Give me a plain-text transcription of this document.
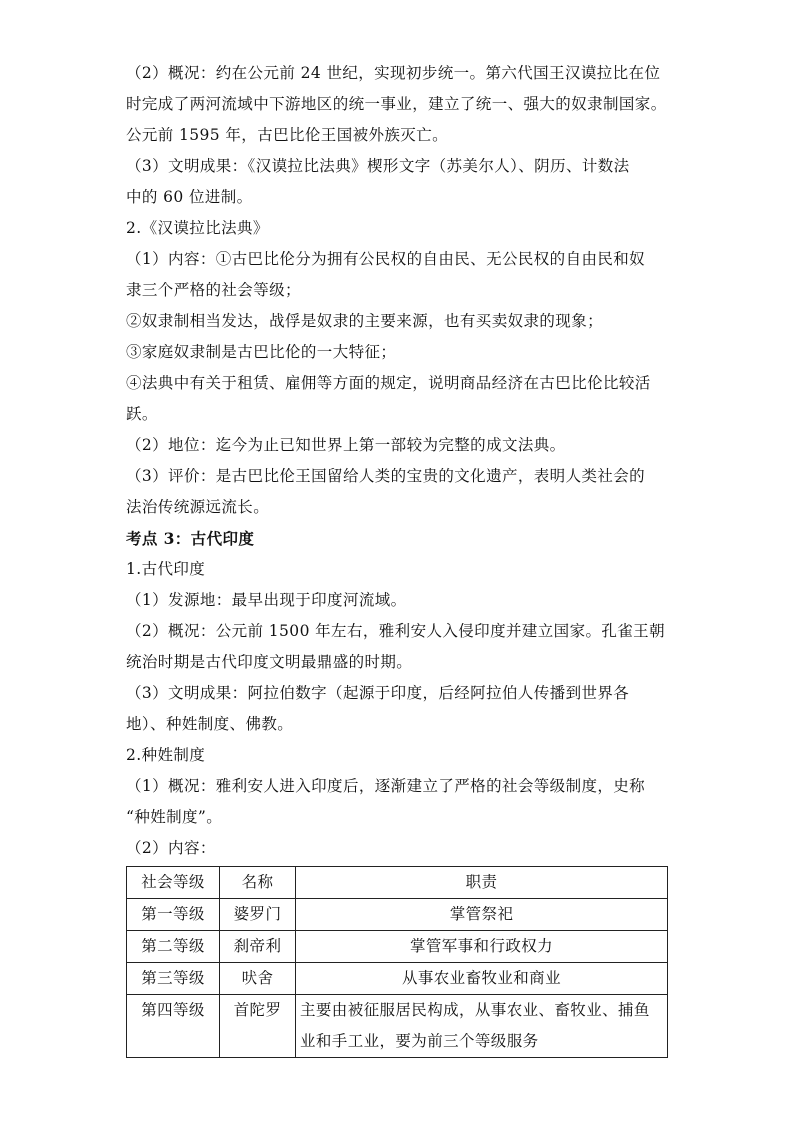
（2）概况：约在公元前 24 世纪，实现初步统一。第六代国王汉谟拉比在位
时完成了两河流域中下游地区的统一事业，建立了统一、强大的奴隶制国家。
公元前 1595 年，古巴比伦王国被外族灭亡。
（3）文明成果：《汉谟拉比法典》楔形文字（苏美尔人）、阴历、计数法
中的 60 位进制。
2.《汉谟拉比法典》
（1）内容：①古巴比伦分为拥有公民权的自由民、无公民权的自由民和奴
隶三个严格的社会等级；
②奴隶制相当发达，战俘是奴隶的主要来源，也有买卖奴隶的现象；
③家庭奴隶制是古巴比伦的一大特征；
④法典中有关于租赁、雇佣等方面的规定，说明商品经济在古巴比伦比较活
跃。
（2）地位：迄今为止已知世界上第一部较为完整的成文法典。
（3）评价：是古巴比伦王国留给人类的宝贵的文化遗产，表明人类社会的
法治传统源远流长。
考点 3：古代印度
1.古代印度
（1）发源地：最早出现于印度河流域。
（2）概况：公元前 1500 年左右，雅利安人入侵印度并建立国家。孔雀王朝
统治时期是古代印度文明最鼎盛的时期。
（3）文明成果：阿拉伯数字（起源于印度，后经阿拉伯人传播到世界各
地）、种姓制度、佛教。
2.种姓制度
（1）概况：雅利安人进入印度后，逐渐建立了严格的社会等级制度，史称
“种姓制度”。
（2）内容：
社会等级	名称	职责

第一等级	婆罗门	掌管祭祀

第二等级	刹帝利	掌管军事和行政权力

第三等级	吠舍	从事农业畜牧业和商业

第四等级	首陀罗	主要由被征服居民构成，从事农业、畜牧业、捕鱼业和手工业，要为前三个等级服务
